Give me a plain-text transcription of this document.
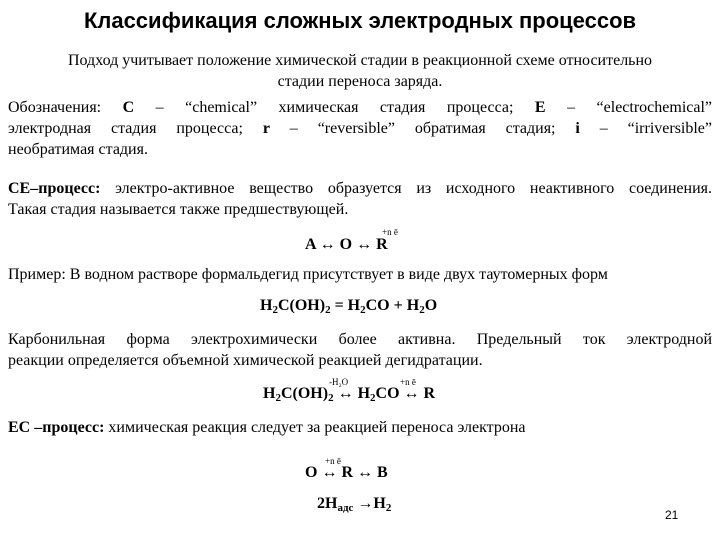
Классификация сложных электродных процессов
Подход учитывает положение химической стадии в реакционной схеме относительно
стадии переноса заряда.
Обозначения: C – “chemical” химическая стадия процесса; E – “electrochemical”
электродная стадия процесса; r – “reversible” обратимая стадия; i – “irriversible”
необратимая стадия.
CE–процесс: электро-активное вещество образуется из исходного неактивного соединения.
Такая стадия называется также предшествующей.
+n ē
A ↔ O ↔ R
Пример: В водном растворе формальдегид присутствует в виде двух таутомерных форм
$H_2C(OH)_2 = H_2CO + H_2O$
Карбонильная форма электрохимически более активна. Предельный ток электродной
реакции определяется объемной химической реакцией дегидратации.
-H₂O	+n ē
$H_2C(OH)_2$ ↔ $H_2CO$ ↔ R
EC –процесс: химическая реакция следует за реакцией переноса электрона
+n ē
O ↔ R ↔ B
$2H_{адс} \to H_2$	21
